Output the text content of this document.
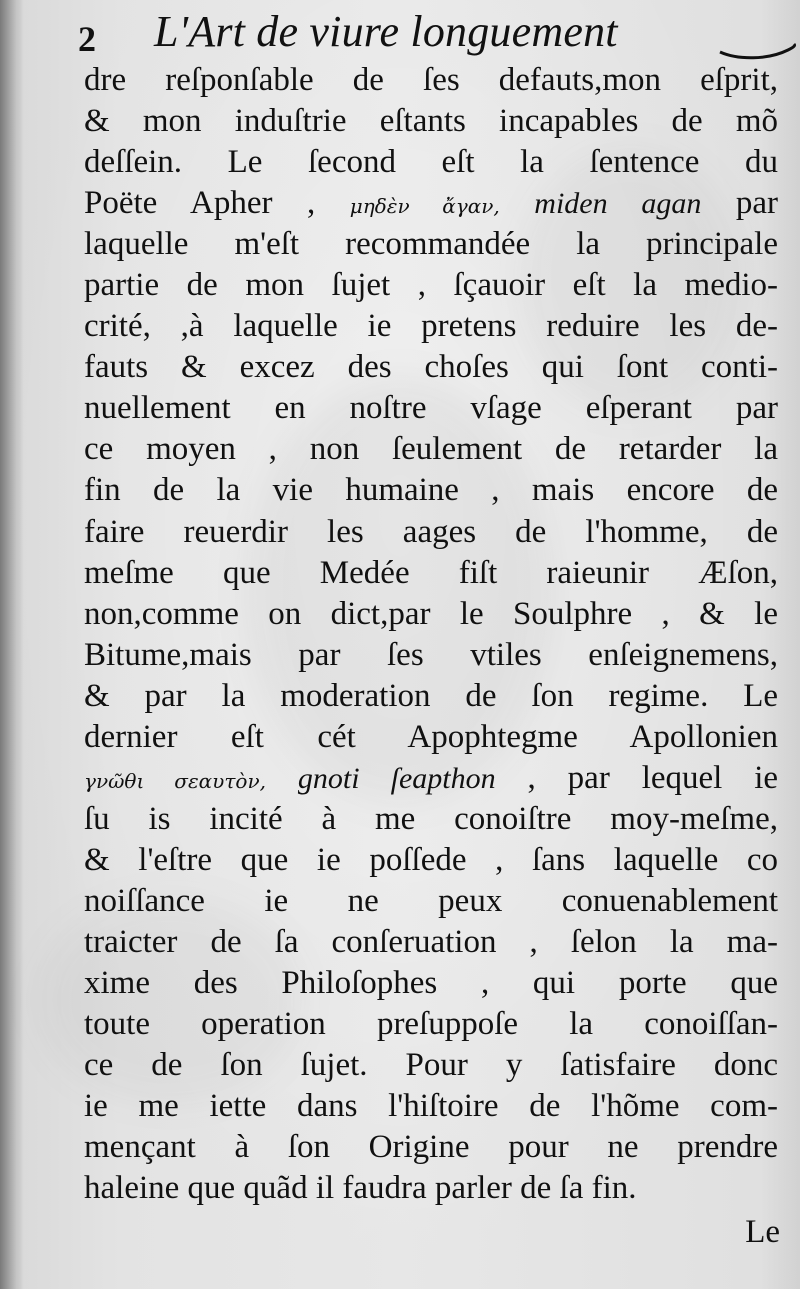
2 L'Art de viure longuement
dre reſponſable de ſes defauts,mon eſprit,
& mon induſtrie eſtants incapables de mõ
deſſein. Le ſecond eſt la ſentence du
Poëte Apher , μηδὲν ἄγαν, miden agan par
laquelle m'eſt recommandée la principale
partie de mon ſujet , ſçauoir eſt la medio-
crité, ,à laquelle ie pretens reduire les de-
fauts & excez des choſes qui ſont conti-
nuellement en noſtre vſage eſperant par
ce moyen , non ſeulement de retarder la
fin de la vie humaine , mais encore de
faire reuerdir les aages de l'homme, de
meſme que Medée fiſt raieunir Æſon,
non,comme on dict,par le Soulphre , & le
Bitume,mais par ſes vtiles enſeignemens,
& par la moderation de ſon regime. Le
dernier eſt cét Apophtegme Apollonien
γνῶθι σεαυτὸν, gnoti ſeapthon , par lequel ie
ſu is incité à me conoiſtre moy-meſme,
& l'eſtre que ie poſſede , ſans laquelle co
noiſſance ie ne peux conuenablement
traicter de ſa conſeruation , ſelon la ma-
xime des Philoſophes , qui porte que
toute operation preſuppoſe la conoiſſan-
ce de ſon ſujet. Pour y ſatisfaire donc
ie me iette dans l'hiſtoire de l'hõme com-
mençant à ſon Origine pour ne prendre
haleine que quãd il faudra parler de ſa fin.
Le
